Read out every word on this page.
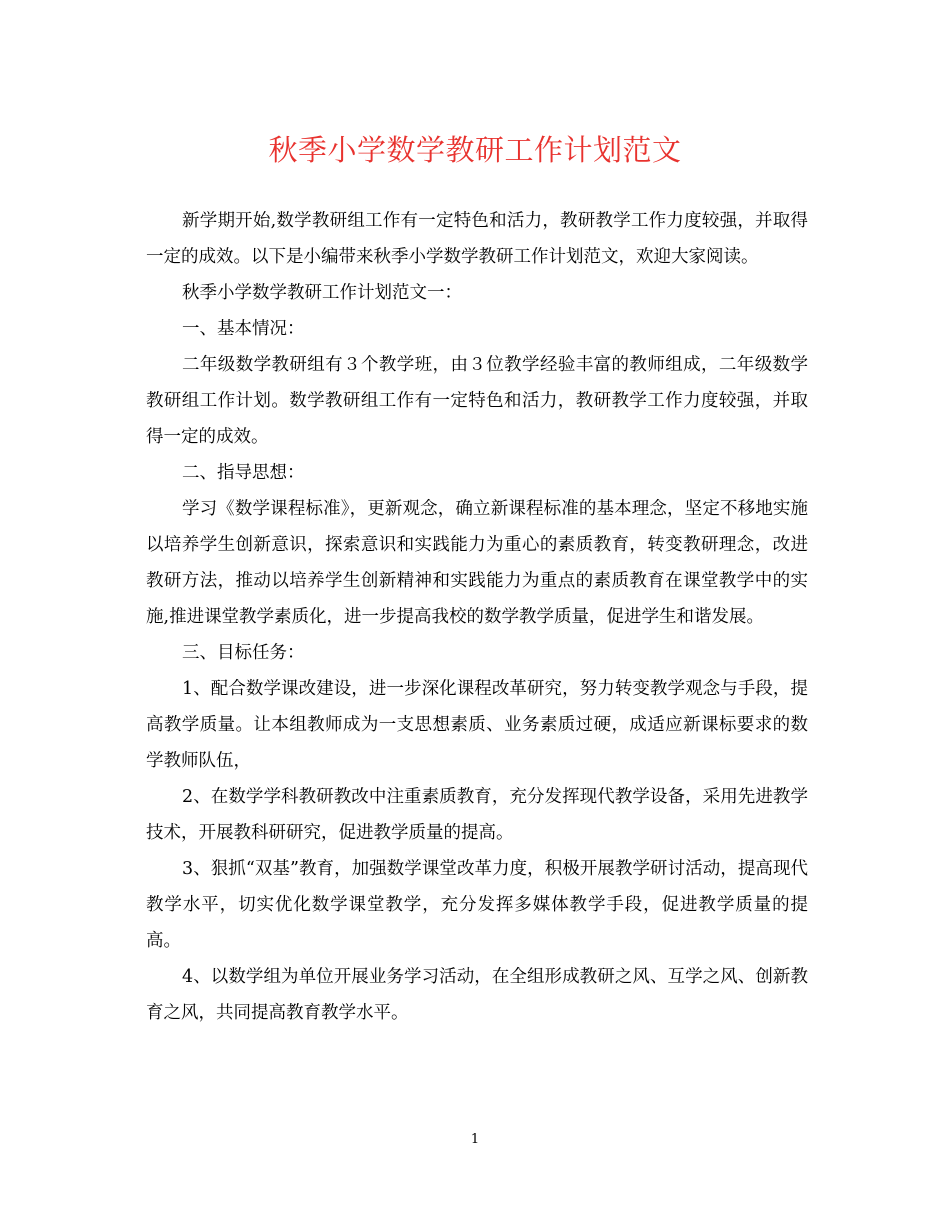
秋季小学数学教研工作计划范文

新学期开始,数学教研组工作有一定特色和活力，教研教学工作力度较强，并取得一定的成效。以下是小编带来秋季小学数学教研工作计划范文，欢迎大家阅读。

秋季小学数学教研工作计划范文一：

一、基本情况：

二年级数学教研组有３个教学班，由３位教学经验丰富的教师组成，二年级数学教研组工作计划。数学教研组工作有一定特色和活力，教研教学工作力度较强，并取得一定的成效。

二、指导思想：

学习《数学课程标准》，更新观念，确立新课程标准的基本理念，坚定不移地实施以培养学生创新意识，探索意识和实践能力为重心的素质教育，转变教研理念，改进教研方法，推动以培养学生创新精神和实践能力为重点的素质教育在课堂教学中的实施,推进课堂教学素质化，进一步提高我校的数学教学质量，促进学生和谐发展。

三、目标任务：

1、配合数学课改建设，进一步深化课程改革研究，努力转变教学观念与手段，提高教学质量。让本组教师成为一支思想素质、业务素质过硬，成适应新课标要求的数学教师队伍，

2、在数学学科教研教改中注重素质教育，充分发挥现代教学设备，采用先进教学技术，开展教科研研究，促进教学质量的提高。

3、狠抓“双基”教育，加强数学课堂改革力度，积极开展教学研讨活动，提高现代教学水平，切实优化数学课堂教学，充分发挥多媒体教学手段，促进教学质量的提高。

4、以数学组为单位开展业务学习活动，在全组形成教研之风、互学之风、创新教育之风，共同提高教育教学水平。

1
